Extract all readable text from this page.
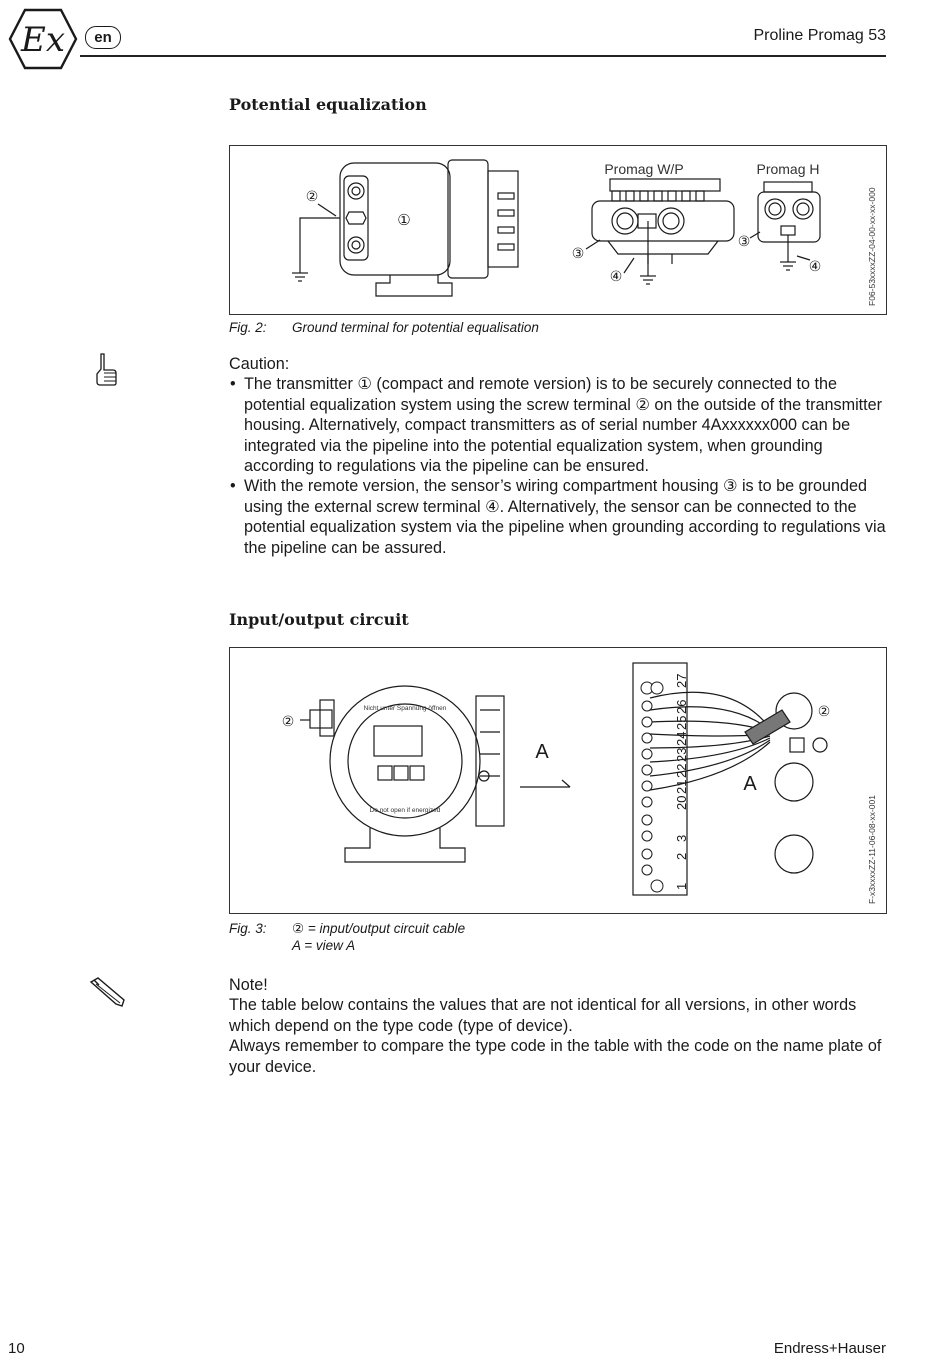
Ex	en	Proline Promag 53
Potential equalization
②
①
Promag W/P	Promag H
③
④
③
④	F06-53xxxxZZ-04-00-xx-xx-000
Fig. 2: Ground terminal for potential equalisation
Caution:
• The transmitter ① (compact and remote version) is to be securely connected to the potential equalization system using the screw terminal ② on the outside of the transmitter housing. Alternatively, compact transmitters as of serial number 4Axxxxxx000 can be integrated via the pipeline into the potential equalization system, when grounding according to regulations via the pipeline can be ensured.
• With the remote version, the sensor’s wiring compartment housing ③ is to be grounded using the external screw terminal ④. Alternatively, the sensor can be connected to the potential equalization system via the pipeline when grounding according to regulations via the pipeline can be assured.
Input/output circuit
②
②
Nicht unter Spannung öffnen
Do not open if energized
A
A
27
26
25
24
23
22
21
20
3
2
1	F-x3xxxxZZ-11-06-08-xx-001
Fig. 3: ② = input/output circuit cable
A = view A
Note!
The table below contains the values that are not identical for all versions, in other words which depend on the type code (type of device).
Always remember to compare the type code in the table with the code on the name plate of your device.
10	Endress+Hauser
